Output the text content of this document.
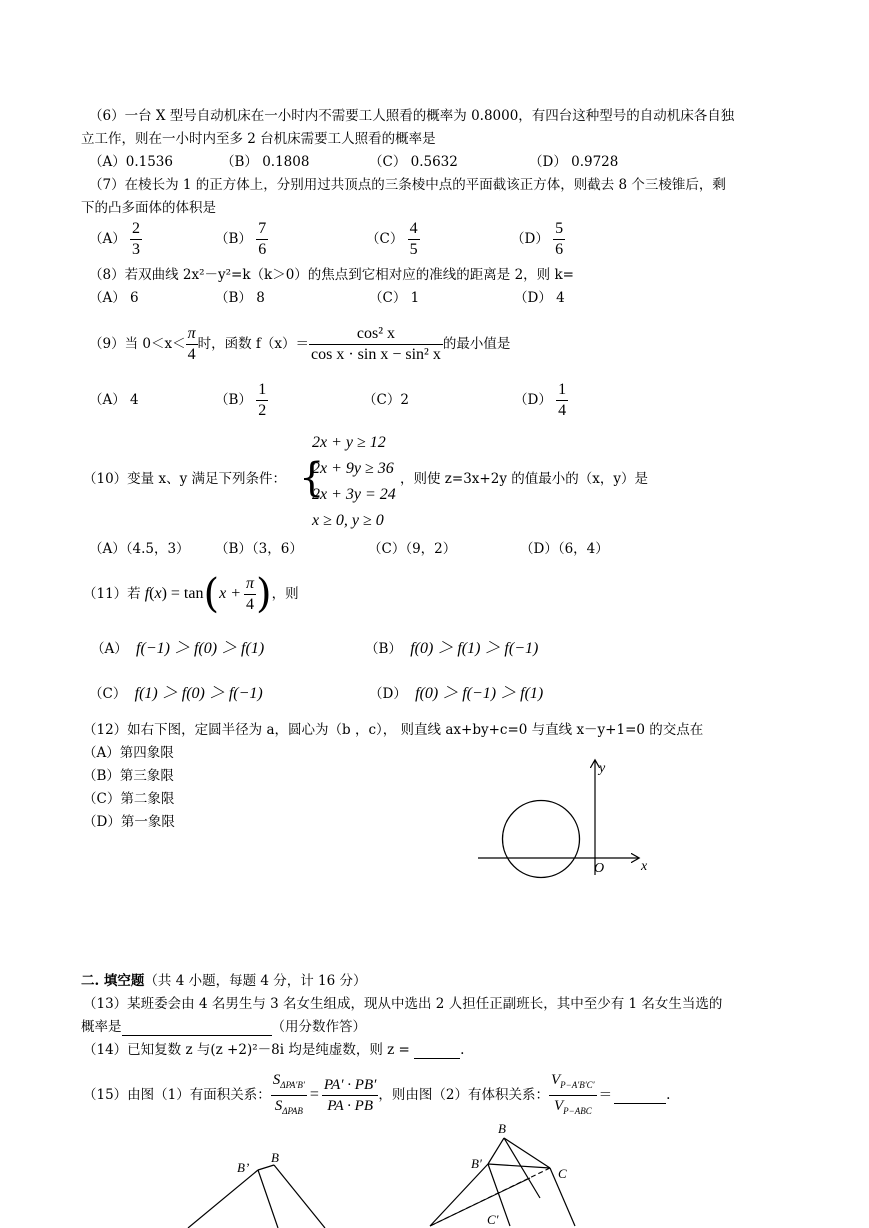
（6）一台 X 型号自动机床在一小时内不需要工人照看的概率为 0.8000，有四台这种型号的自动机床各自独
立工作，则在一小时内至多 2 台机床需要工人照看的概率是
（A）0.1536	（B） 0.1808	（C） 0.5632	（D） 0.9728
（7）在棱长为 1 的正方体上，分别用过共顶点的三条棱中点的平面截该正方体，则截去 8 个三棱锥后，剩
下的凸多面体的体积是
$(A) \frac{2}{3}$	$(B) \frac{7}{6}$	$(C) \frac{4}{5}$	$(D) \frac{5}{6}$
（8）若双曲线 2x²－y²=k（k＞0）的焦点到它相对应的准线的距离是 2，则 k=
（A） 6	（B） 8	（C） 1	（D） 4
（9）当 $0<x< \frac{\pi}{4}$ 时，函数 $f(x)= \frac{\text{cos² x}}{\text{cos x · sin x − sin² x}}$ 的最小值是
（A） 4	$(B) \frac{1}{2}$	（C）2	$(D) \frac{1}{4}$
（10）变量 x、y 满足下列条件： {
2x + y ≥ 12
2x + 9y ≥ 36
2x + 3y = 24
x ≥ 0, y ≥ 0
，则使 z=3x+2y 的值最小的（x，y）是
（A）（4.5，3） （B）（3，6）	（C）（9，2）	（D）（6，4）
（11）若 f(x) = tan ( $x + \frac{\pi}{4}$ ) ，则
（A） f(−1) ＞ f(0) ＞ f(1)	（B） f(0) ＞ f(1) ＞ f(−1)
（C） f(1) ＞ f(0) ＞ f(−1)	（D） f(0) ＞ f(−1) ＞ f(1)
（12）如右下图，定圆半径为 a，圆心为（b ，c）， 则直线 ax+by+c=0 与直线 x－y+1=0 的交点在
（A）第四象限
（B）第三象限
（C）第二象限
（D）第一象限
y
x
O
二. 填空题（共 4 小题，每题 4 分，计 16 分）
（13）某班委会由 4 名男生与 3 名女生组成，现从中选出 2 人担任正副班长，其中至少有 1 名女生当选的
概率是	（用分数作答）
（14）已知复数 z 与(z +2)²－8i 均是纯虚数，则 z =	.
（15）由图（1）有面积关系： $\frac{S_{\Delta PA'B'}}{S_{\Delta PAB}} = \frac{PA' \cdot PB'}{PA \cdot PB}$ ，则由图（2）有体积关系： $\frac{V_{P-A'B'C'}}{V_{P-ABC}}$ ＝	.
B’
B
B
B′
C
C′
